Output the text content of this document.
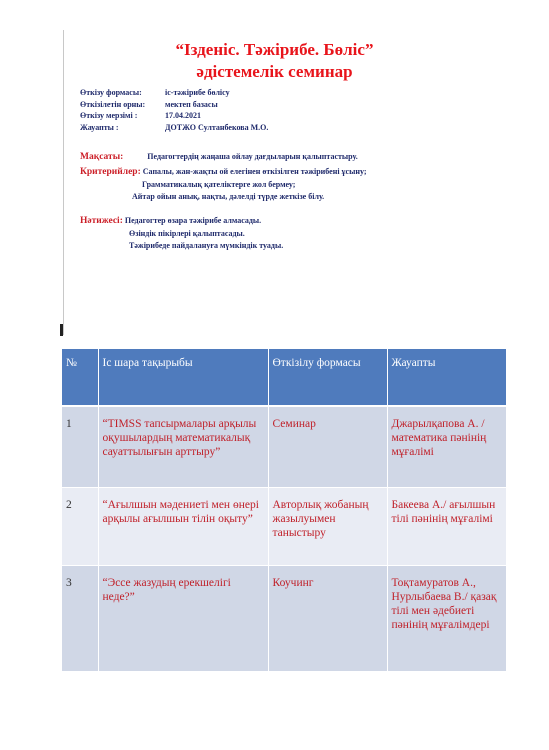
“Ізденіс. Тәжірибе. Бөліс”
әдістемелік семинар
Өткізу формасы:	іс-тәжірибе бөлісу
Өткізілетін орны:	мектеп базасы
Өткізу мерзімі :	17.04.2021
Жауапты :	ДОТЖО Султанбекова М.О.
Мақсаты:	Педагогтердің жаңаша ойлау дағдыларын қалыптастыру.
Критерийлер: Сапалы, жан-жақты ой елегінен өткізілген тәжірибені ұсыну;
Грамматикалық қателіктерге жол бермеу;
Айтар ойын анық, нақты, дәлелді түрде жеткізе білу.
Нәтижесі: Педагогтер өзара тәжірибе алмасады.
Өзіндік пікірлері қалыптасады.
Тәжірибеде пайдалануға мүмкіндік туады.
№	Іс шара тақырыбы	Өткізілу формасы	Жауапты
1	“TIMSS тапсырмалары арқылы оқушылардың математикалық сауаттылығын арттыру”	Семинар	Джарылқапова А. / математика пәнінің мұғалімі
2	“Ағылшын мәдениеті мен өнері арқылы ағылшын тілін оқыту”	Авторлық жобаның жазылуымен таныстыру	Бакеева А./ ағылшын тілі пәнінің мұғалімі
3	“Эссе жазудың ерекшелігі неде?”	Коучинг	Тоқтамуратов А., Нурлыбаева В./ қазақ тілі мен әдебиеті пәнінің мұғалімдері
